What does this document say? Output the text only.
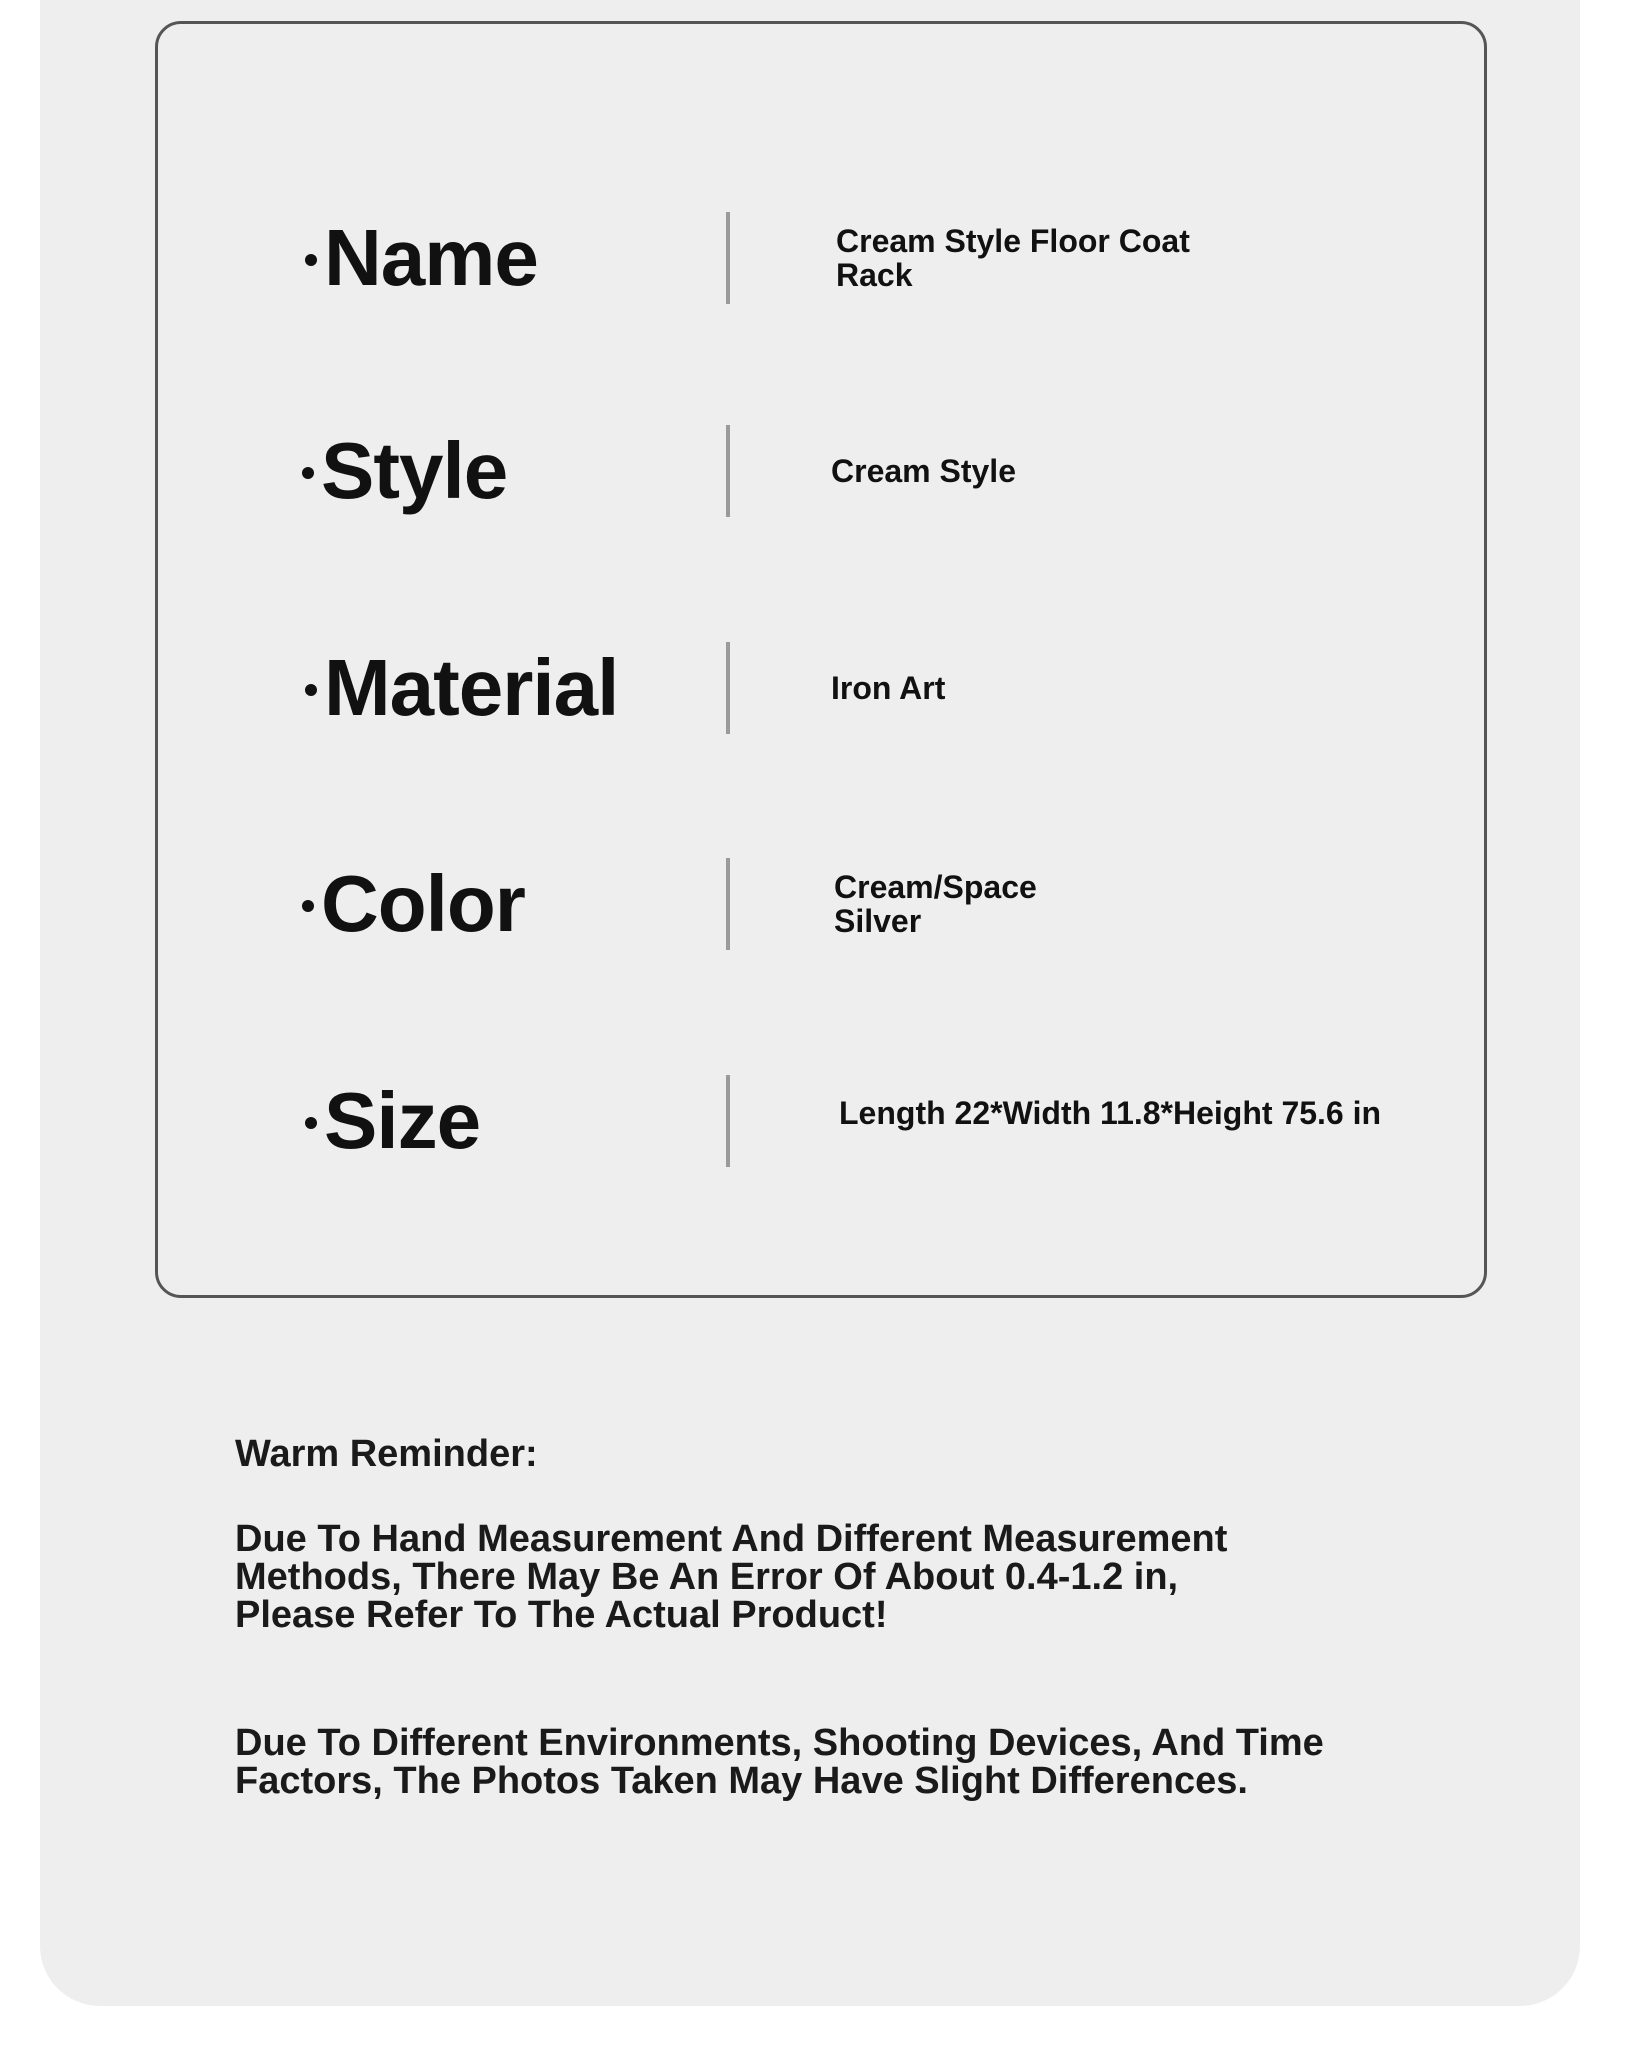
Name	Cream Style Floor Coat
Rack
Style	Cream Style
Material	Iron Art
Color	Cream/Space
Silver
Size	Length 22*Width 11.8*Height 75.6 in
Warm Reminder:
Due To Hand Measurement And Different Measurement Methods, There May Be An Error Of About 0.4-1.2 in, Please Refer To The Actual Product!
Due To Different Environments, Shooting Devices, And Time Factors, The Photos Taken May Have Slight Differences.
